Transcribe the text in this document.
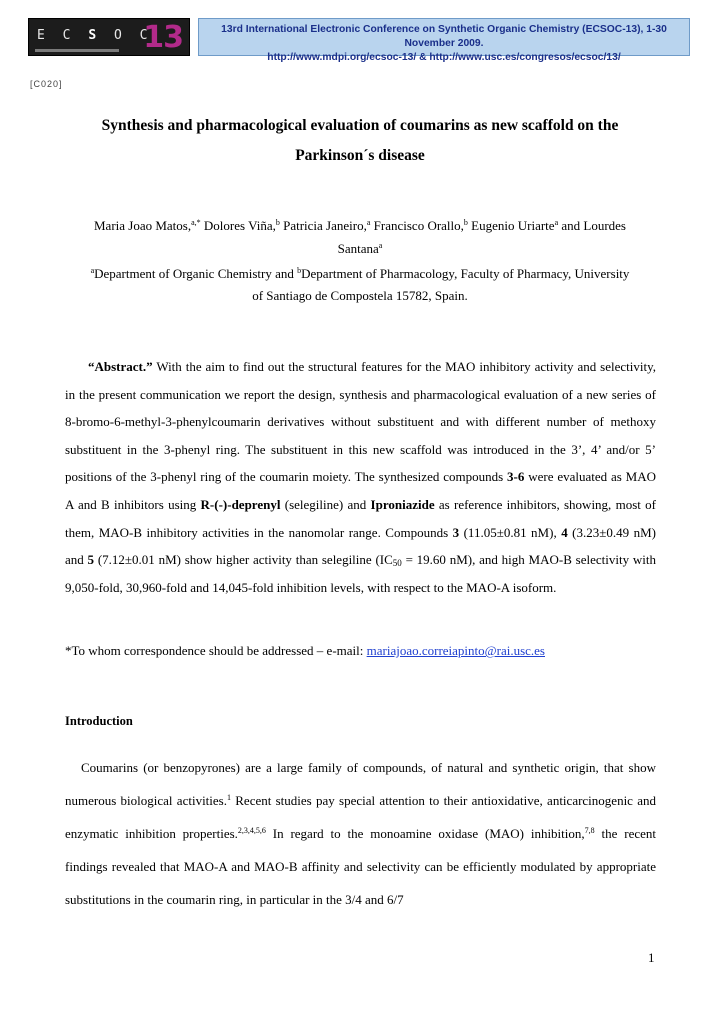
E C S O C
13	13rd International Electronic Conference on Synthetic Organic Chemistry (ECSOC-13), 1-30 November 2009.
http://www.mdpi.org/ecsoc-13/ & http://www.usc.es/congresos/ecsoc/13/
[C020]
Synthesis and pharmacological evaluation of coumarins as new scaffold on the
Parkinson´s disease
Maria Joao Matos,$^{a,*}$ Dolores Viña,$^b$ Patricia Janeiro,$^a$ Francisco Orallo,$^b$ Eugenio Uriarte$^a$ and Lourdes
Santana$^a$
$^a$Department of Organic Chemistry and $^b$Department of Pharmacology, Faculty of Pharmacy, University
of Santiago de Compostela 15782, Spain.

“Abstract.” With the aim to find out the structural features for the MAO inhibitory activity and selectivity, in the present communication we report the design, synthesis and pharmacological evaluation of a new series of 8-bromo-6-methyl-3-phenylcoumarin derivatives without substituent and with different number of methoxy substituent in the 3-phenyl ring. The substituent in this new scaffold was introduced in the 3’, 4’ and/or 5’ positions of the 3-phenyl ring of the coumarin moiety. The synthesized compounds 3-6 were evaluated as MAO A and B inhibitors using R-(-)-deprenyl (selegiline) and Iproniazide as reference inhibitors, showing, most of them, MAO-B inhibitory activities in the nanomolar range. Compounds 3 (11.05±0.81 nM), 4 (3.23±0.49 nM) and 5 (7.12±0.01 nM) show higher activity than selegiline ($IC_{50} = 19.60$ nM), and high MAO-B selectivity with 9,050-fold, 30,960-fold and 14,045-fold inhibition levels, with respect to the MAO-A isoform.

*To whom correspondence should be addressed – e-mail: mariajoao.correiapinto@rai.usc.es
Introduction

Coumarins (or benzopyrones) are a large family of compounds, of natural and synthetic origin, that show numerous biological activities.$^1$ Recent studies pay special attention to their antioxidative, anticarcinogenic and enzymatic inhibition properties.$^{2,3,4,5,6}$ In regard to the monoamine oxidase (MAO) inhibition,$^{7,8}$ the recent findings revealed that MAO-A and MAO-B affinity and selectivity can be efficiently modulated by appropriate substitutions in the coumarin ring, in particular in the 3/4 and 6/7

1
